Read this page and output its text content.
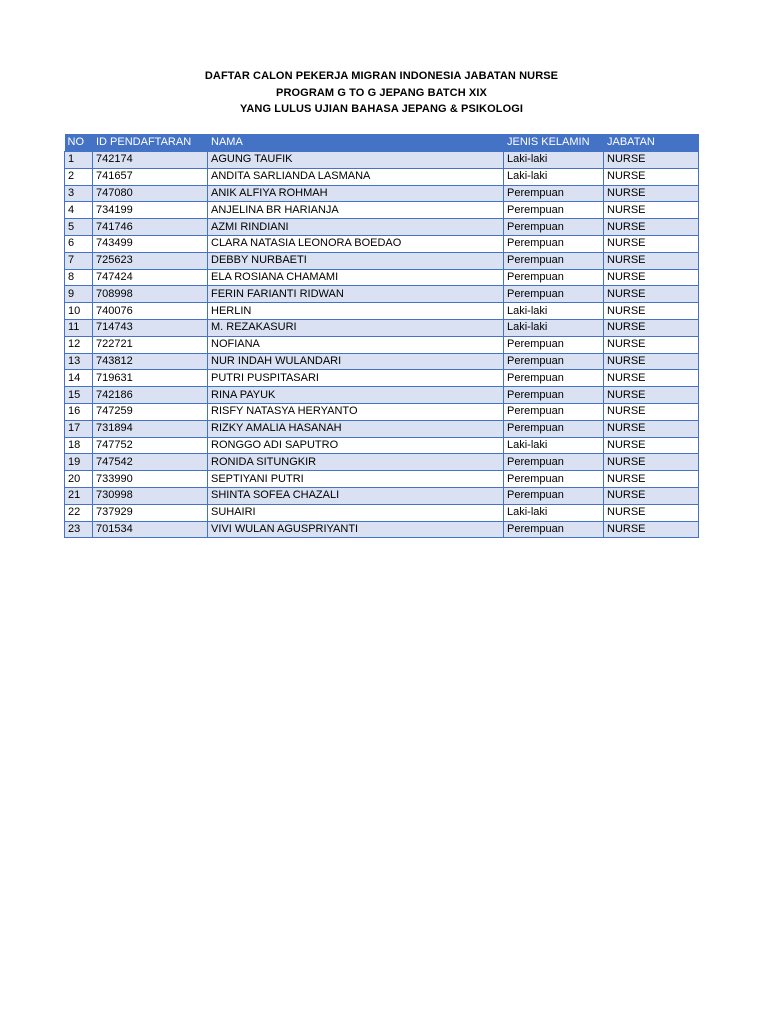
DAFTAR CALON PEKERJA MIGRAN INDONESIA JABATAN NURSE
PROGRAM G TO G JEPANG BATCH XIX
YANG LULUS UJIAN BAHASA JEPANG & PSIKOLOGI
NO	ID PENDAFTARAN	NAMA	JENIS KELAMIN	JABATAN
1	742174	AGUNG TAUFIK	Laki-laki	NURSE
2	741657	ANDITA SARLIANDA LASMANA	Laki-laki	NURSE
3	747080	ANIK ALFIYA ROHMAH	Perempuan	NURSE
4	734199	ANJELINA BR HARIANJA	Perempuan	NURSE
5	741746	AZMI RINDIANI	Perempuan	NURSE
6	743499	CLARA NATASIA LEONORA BOEDAO	Perempuan	NURSE
7	725623	DEBBY NURBAETI	Perempuan	NURSE
8	747424	ELA ROSIANA CHAMAMI	Perempuan	NURSE
9	708998	FERIN FARIANTI RIDWAN	Perempuan	NURSE
10	740076	HERLIN	Laki-laki	NURSE
11	714743	M. REZAKASURI	Laki-laki	NURSE
12	722721	NOFIANA	Perempuan	NURSE
13	743812	NUR INDAH WULANDARI	Perempuan	NURSE
14	719631	PUTRI PUSPITASARI	Perempuan	NURSE
15	742186	RINA PAYUK	Perempuan	NURSE
16	747259	RISFY NATASYA HERYANTO	Perempuan	NURSE
17	731894	RIZKY AMALIA HASANAH	Perempuan	NURSE
18	747752	RONGGO ADI SAPUTRO	Laki-laki	NURSE
19	747542	RONIDA SITUNGKIR	Perempuan	NURSE
20	733990	SEPTIYANI PUTRI	Perempuan	NURSE
21	730998	SHINTA SOFEA CHAZALI	Perempuan	NURSE
22	737929	SUHAIRI	Laki-laki	NURSE
23	701534	VIVI WULAN AGUSPRIYANTI	Perempuan	NURSE
